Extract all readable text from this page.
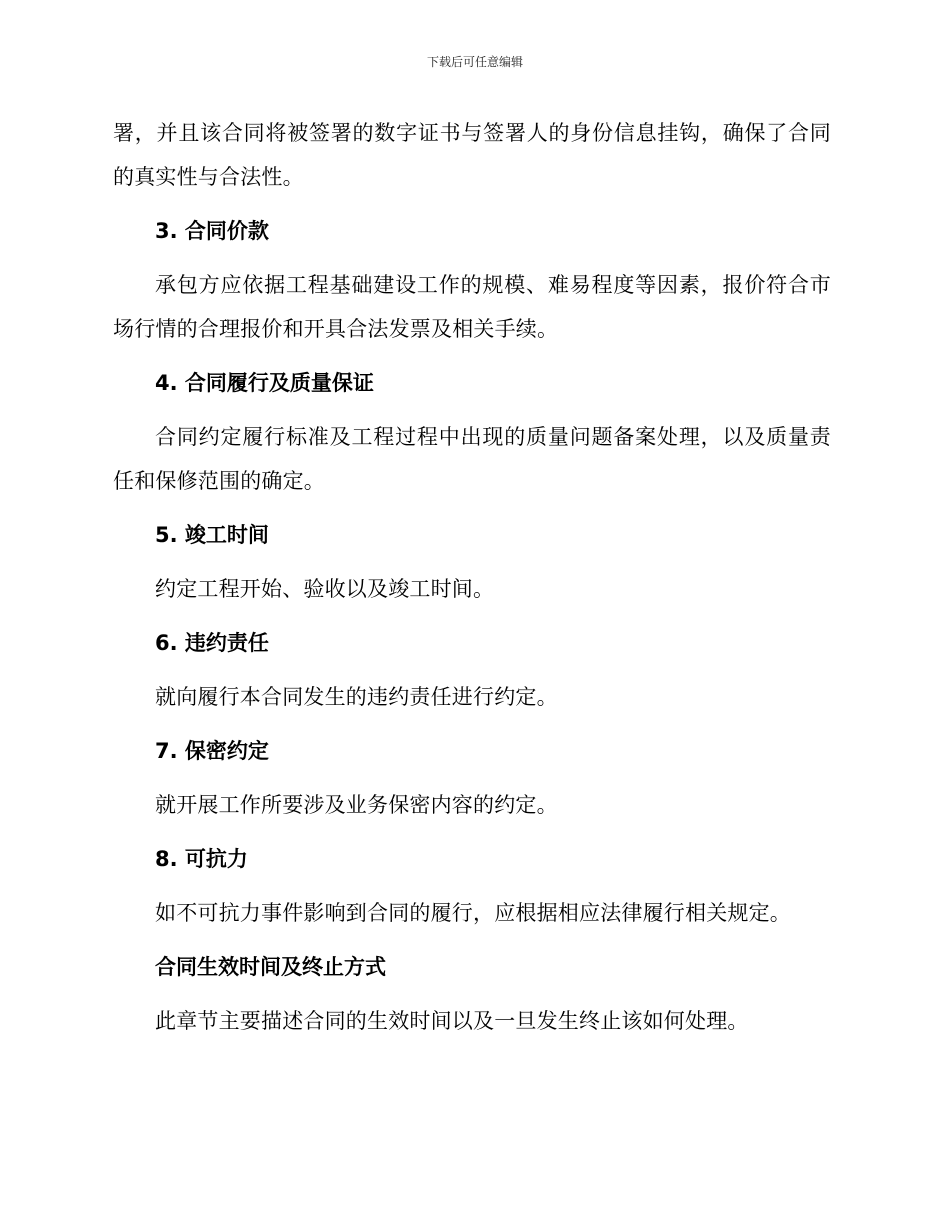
下载后可任意编辑

署，并且该合同将被签署的数字证书与签署人的身份信息挂钩，确保了合同的真实性与合法性。

3. 合同价款

承包方应依据工程基础建设工作的规模、难易程度等因素，报价符合市场行情的合理报价和开具合法发票及相关手续。

4. 合同履行及质量保证

合同约定履行标准及工程过程中出现的质量问题备案处理，以及质量责任和保修范围的确定。

5. 竣工时间

约定工程开始、验收以及竣工时间。

6. 违约责任

就向履行本合同发生的违约责任进行约定。

7. 保密约定

就开展工作所要涉及业务保密内容的约定。

8. 可抗力

如不可抗力事件影响到合同的履行，应根据相应法律履行相关规定。

合同生效时间及终止方式

此章节主要描述合同的生效时间以及一旦发生终止该如何处理。
